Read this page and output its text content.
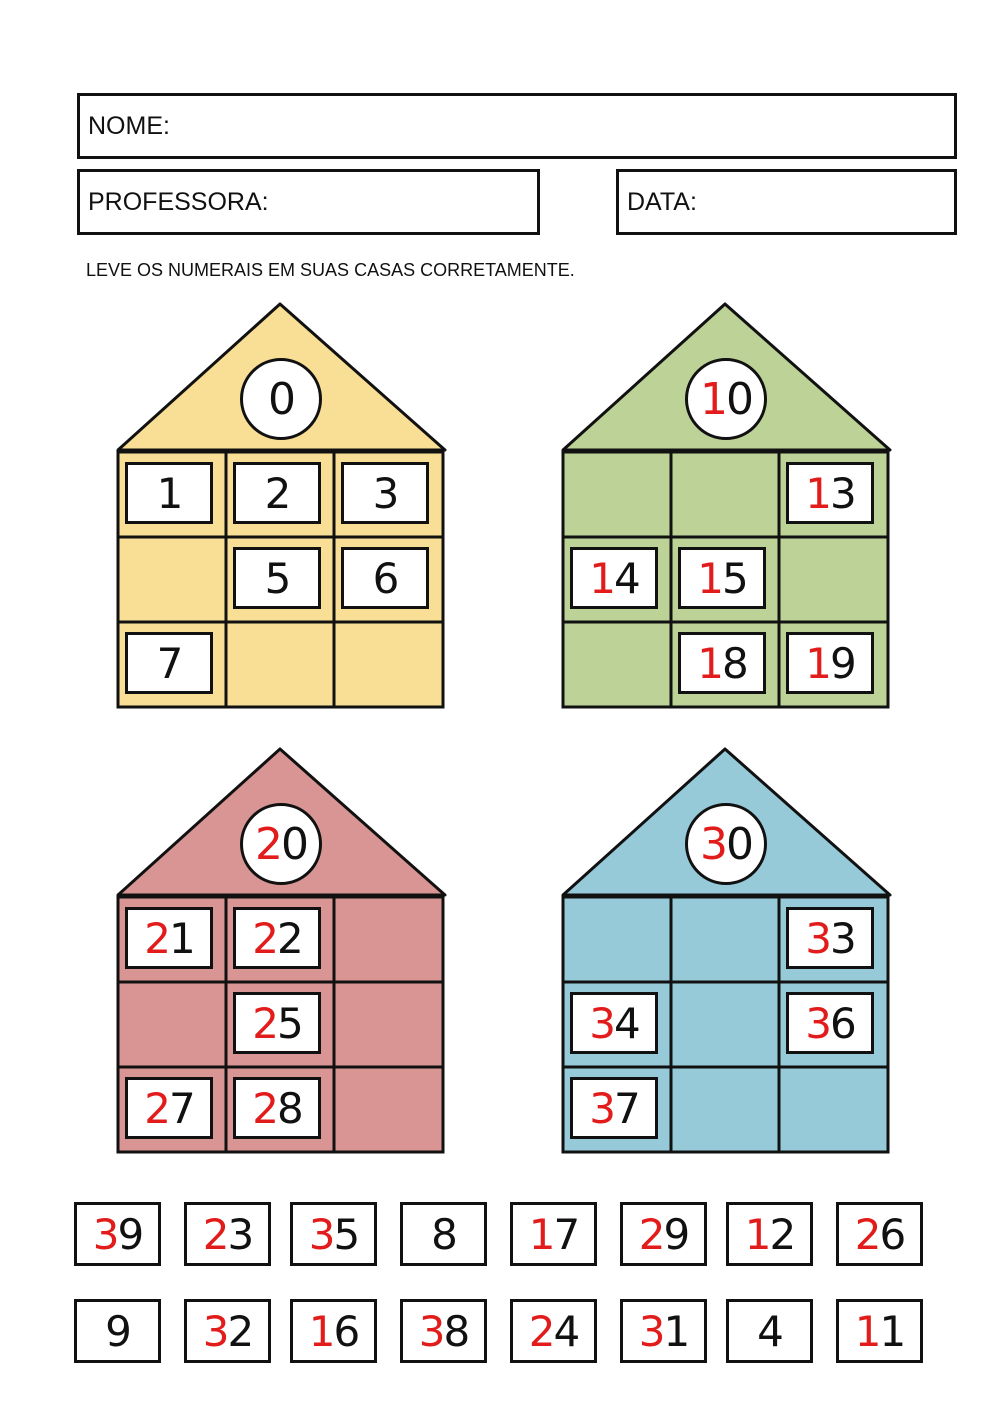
NOME:
PROFESSORA:	DATA:
LEVE OS NUMERAIS EM SUAS CASAS CORRETAMENTE.
0
1 2 3
5 6
7
1 0
1 3
1 4 1 5
1 8 1 9
2 0
2 1 2 2
2 5
2 7 2 8
3 0
3 3
3 4	3 6
3 7
3 9 2 3 3 5 8 1 7 2 9 1 2 2 6
9 3 2 1 6 3 8 2 4 3 1 4 1 1
